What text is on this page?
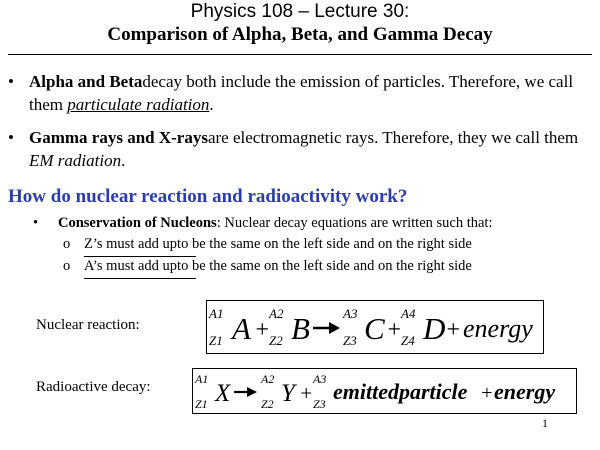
Physics 108 – Lecture 30:
Comparison of Alpha, Beta, and Gamma Decay
• Alpha and Betadecay both include the emission of particles. Therefore, we call them particulate radiation.
• Gamma rays and X-raysare electromagnetic rays. Therefore, they we call them EM radiation.
How do nuclear reaction and radioactivity work?
• Conservation of Nucleons: Nuclear decay equations are written such that:
o Z’s must add upto be the same on the left side and on the right side
o A’s must add upto be the same on the left side and on the right side
Nuclear reaction:
Radioactive decay:
A1
Z1 A +
A2
Z2 B	A3
Z3 C +
A4
Z4 D + energy
A1
Z1 X
A2
Z2 Y +
A3
Z3 emittedparticle + energy
1
